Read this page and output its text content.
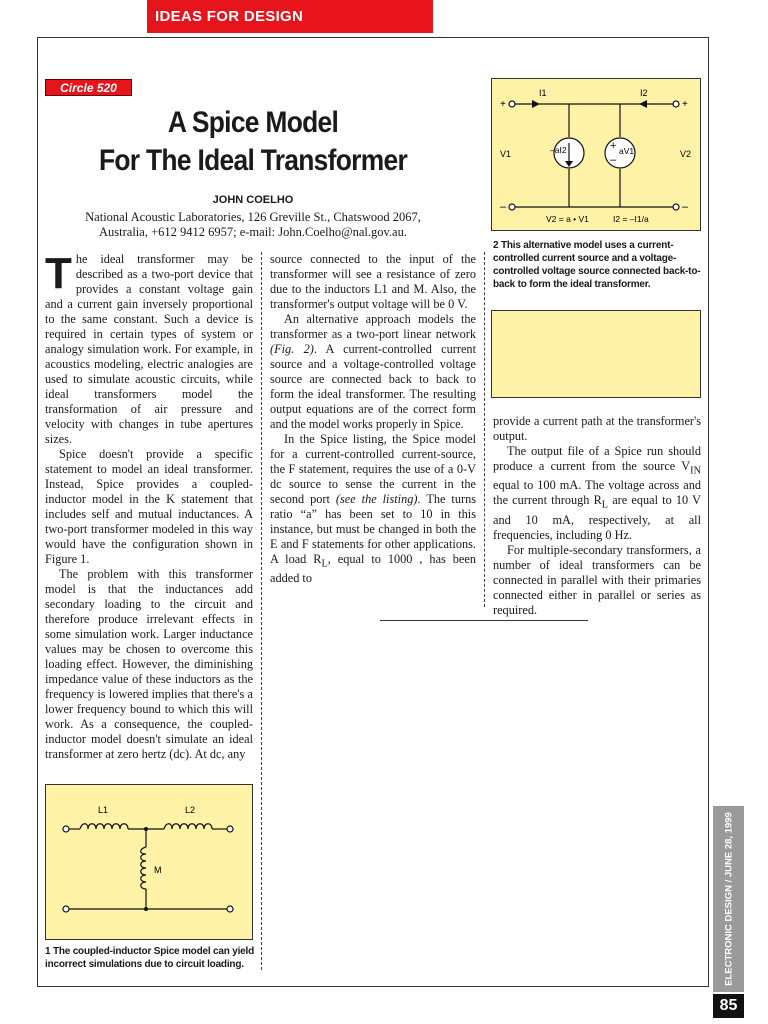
IDEAS FOR DESIGN
Circle 520
A Spice Model
For The Ideal Transformer
JOHN COELHO
National Acoustic Laboratories, 126 Greville St., Chatswood 2067,
Australia, +612 9412 6957; e-mail: John.Coelho@nal.gov.au.

The ideal transformer may be described as a two-port device that provides a constant voltage gain and a current gain inversely proportional to the same constant. Such a device is required in certain types of system or analogy simulation work. For example, in acoustics modeling, electric analogies are used to simulate acoustic circuits, while ideal transformers model the transformation of air pressure and velocity with changes in tube apertures sizes.

Spice doesn't provide a specific statement to model an ideal transformer. Instead, Spice provides a coupled-inductor model in the K statement that includes self and mutual inductances. A two-port transformer modeled in this way would have the configuration shown in Figure 1.

The problem with this transformer model is that the inductances add secondary loading to the circuit and therefore produce irrelevant effects in some simulation work. Larger inductance values may be chosen to overcome this loading effect. However, the diminishing impedance value of these inductors as the frequency is lowered implies that there's a lower frequency bound to which this will work. As a consequence, the coupled-inductor model doesn't simulate an ideal transformer at zero hertz (dc). At dc, any

source connected to the input of the transformer will see a resistance of zero due to the inductors L1 and M. Also, the transformer's output voltage will be 0 V.

An alternative approach models the transformer as a two-port linear network (Fig. 2). A current-controlled current source and a voltage-controlled voltage source are connected back to back to form the ideal transformer. The resulting output equations are of the correct form and the model works properly in Spice.

In the Spice listing, the Spice model for a current-controlled current-source, the F statement, requires the use of a 0-V dc source to sense the current in the second port (see the listing). The turns ratio “a” has been set to 10 in this instance, but must be changed in both the E and F statements for other applications. A load $R_L$, equal to 1000 , has been added to

provide a current path at the transformer's output.

The output file of a Spice run should produce a current from the source $V_{IN}$ equal to 100 mA. The voltage across and the current through $R_L$ are equal to 10 V and 10 mA, respectively, at all frequencies, including 0 Hz.

For multiple-secondary transformers, a number of ideal transformers can be connected in parallel with their primaries connected either in parallel or series as required.

I1	I2
+	+
–	–
V1	V2
–aI2	+
–
aV1
V2 = a • V1	I2 = –I1/a
2 This alternative model uses a current-controlled current source and a voltage-controlled voltage source connected back-to-back to form the ideal transformer.
L1	L2
M
1 The coupled-inductor Spice model can yield incorrect simulations due to circuit loading.	ELECTRONIC DESIGN / JUNE 28, 1999
85
